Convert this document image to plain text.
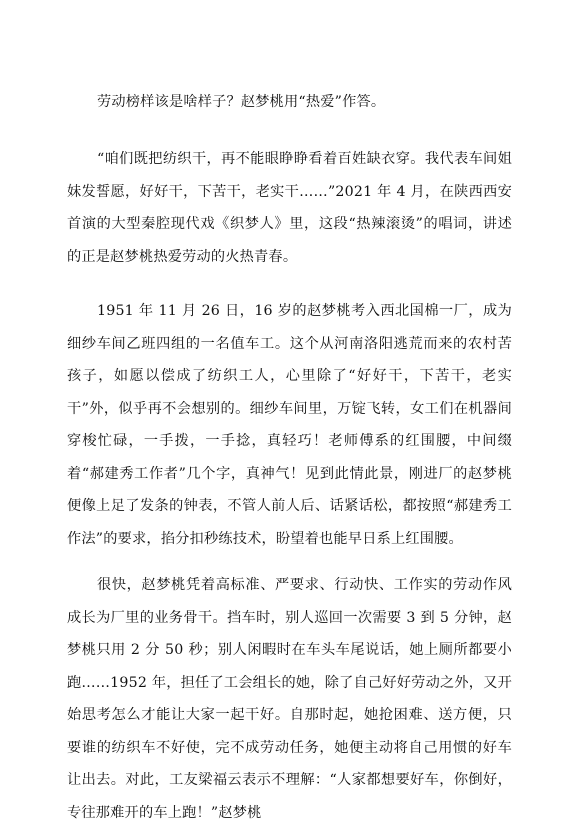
劳动榜样该是啥样子？赵梦桃用“热爱”作答。

“咱们既把纺织干，再不能眼睁睁看着百姓缺衣穿。我代表车间姐妹发誓愿，好好干，下苦干，老实干……”2021 年 4 月，在陕西西安首演的大型秦腔现代戏《织梦人》里，这段“热辣滚烫”的唱词，讲述的正是赵梦桃热爱劳动的火热青春。

1951 年 11 月 26 日，16 岁的赵梦桃考入西北国棉一厂，成为细纱车间乙班四组的一名值车工。这个从河南洛阳逃荒而来的农村苦孩子，如愿以偿成了纺织工人，心里除了“好好干，下苦干，老实干”外，似乎再不会想别的。细纱车间里，万锭飞转，女工们在机器间穿梭忙碌，一手拨，一手捻，真轻巧！老师傅系的红围腰，中间缀着“郝建秀工作者”几个字，真神气！见到此情此景，刚进厂的赵梦桃便像上足了发条的钟表，不管人前人后、话紧话松，都按照“郝建秀工作法”的要求，掐分扣秒练技术，盼望着也能早日系上红围腰。

很快，赵梦桃凭着高标准、严要求、行动快、工作实的劳动作风成长为厂里的业务骨干。挡车时，别人巡回一次需要 3 到 5 分钟，赵梦桃只用 2 分 50 秒；别人闲暇时在车头车尾说话，她上厕所都要小跑……1952 年，担任了工会组长的她，除了自己好好劳动之外，又开始思考怎么才能让大家一起干好。自那时起，她抢困难、送方便，只要谁的纺织车不好使，完不成劳动任务，她便主动将自己用惯的好车让出去。对此，工友梁福云表示不理解：“人家都想要好车，你倒好，专往那难开的车上跑！”赵梦桃
